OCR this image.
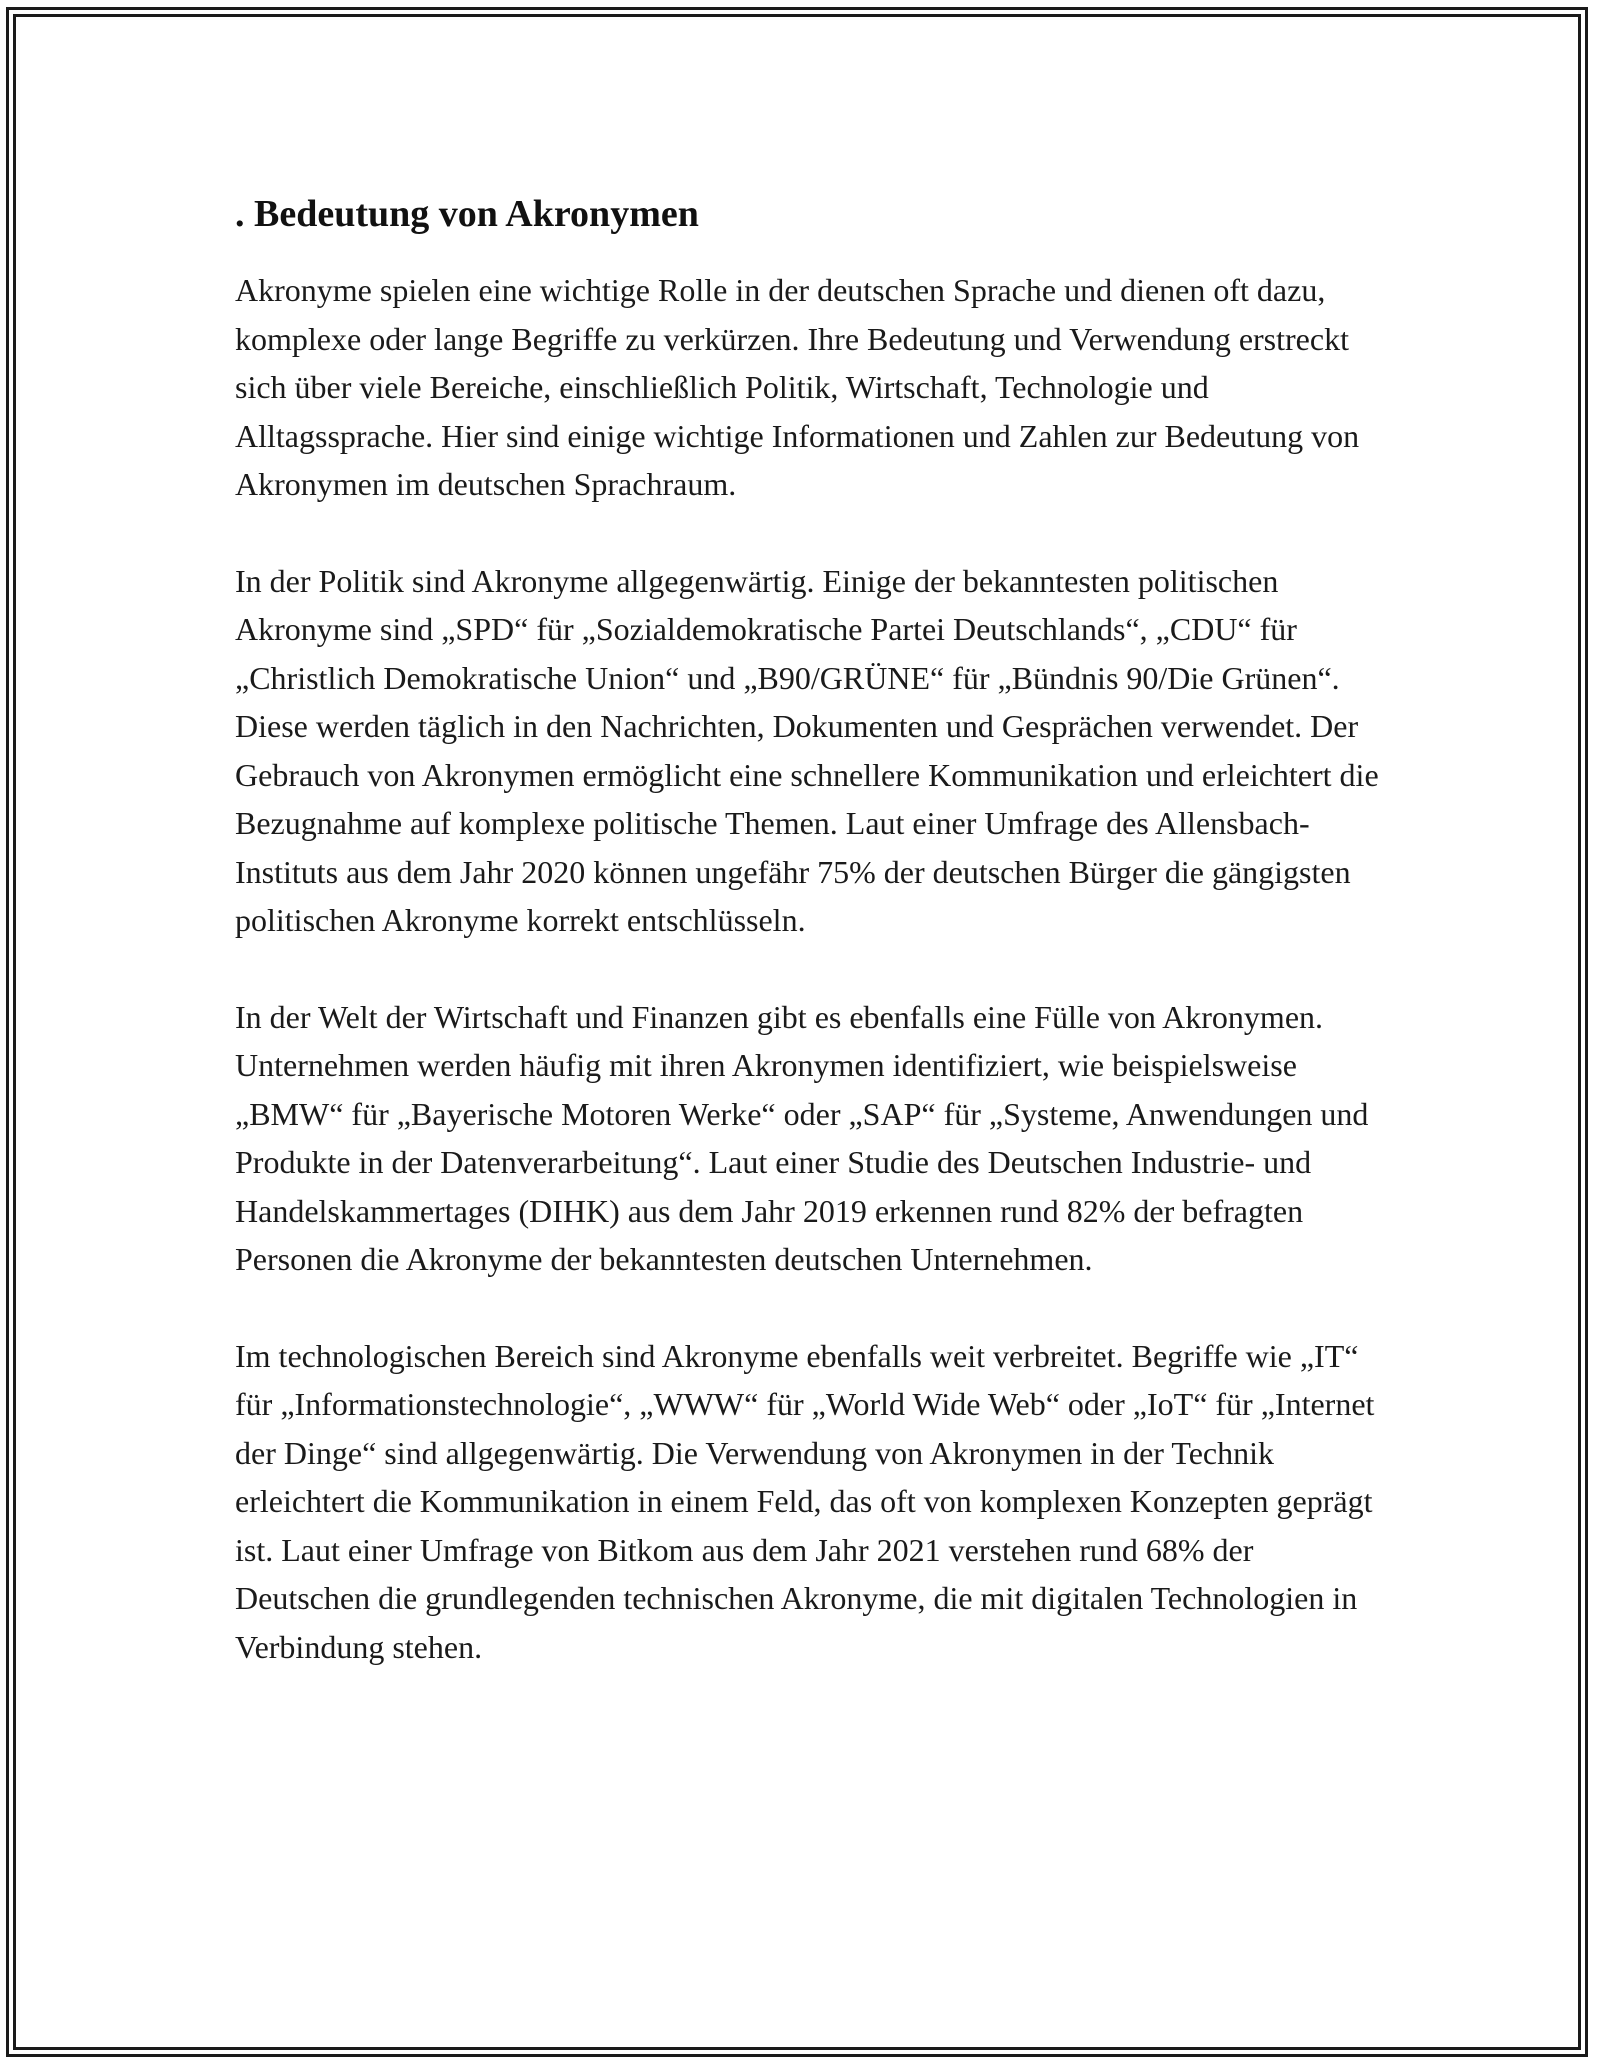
. Bedeutung von Akronymen

Akronyme spielen eine wichtige Rolle in der deutschen Sprache und dienen oft dazu, komplexe oder lange Begriffe zu verkürzen. Ihre Bedeutung und Verwendung erstreckt sich über viele Bereiche, einschließlich Politik, Wirtschaft, Technologie und Alltagssprache. Hier sind einige wichtige Informationen und Zahlen zur Bedeutung von Akronymen im deutschen Sprachraum.

In der Politik sind Akronyme allgegenwärtig. Einige der bekanntesten politischen Akronyme sind „SPD“ für „Sozialdemokratische Partei Deutschlands“, „CDU“ für „Christlich Demokratische Union“ und „B90/GRÜNE“ für „Bündnis 90/Die Grünen“. Diese werden täglich in den Nachrichten, Dokumenten und Gesprächen verwendet. Der Gebrauch von Akronymen ermöglicht eine schnellere Kommunikation und erleichtert die Bezugnahme auf komplexe politische Themen. Laut einer Umfrage des Allensbach-Instituts aus dem Jahr 2020 können ungefähr 75% der deutschen Bürger die gängigsten politischen Akronyme korrekt entschlüsseln.

In der Welt der Wirtschaft und Finanzen gibt es ebenfalls eine Fülle von Akronymen. Unternehmen werden häufig mit ihren Akronymen identifiziert, wie beispielsweise „BMW“ für „Bayerische Motoren Werke“ oder „SAP“ für „Systeme, Anwendungen und Produkte in der Datenverarbeitung“. Laut einer Studie des Deutschen Industrie- und Handelskammertages (DIHK) aus dem Jahr 2019 erkennen rund 82% der befragten Personen die Akronyme der bekanntesten deutschen Unternehmen.

Im technologischen Bereich sind Akronyme ebenfalls weit verbreitet. Begriffe wie „IT“ für „Informationstechnologie“, „WWW“ für „World Wide Web“ oder „IoT“ für „Internet der Dinge“ sind allgegenwärtig. Die Verwendung von Akronymen in der Technik erleichtert die Kommunikation in einem Feld, das oft von komplexen Konzepten geprägt ist. Laut einer Umfrage von Bitkom aus dem Jahr 2021 verstehen rund 68% der Deutschen die grundlegenden technischen Akronyme, die mit digitalen Technologien in Verbindung stehen.
